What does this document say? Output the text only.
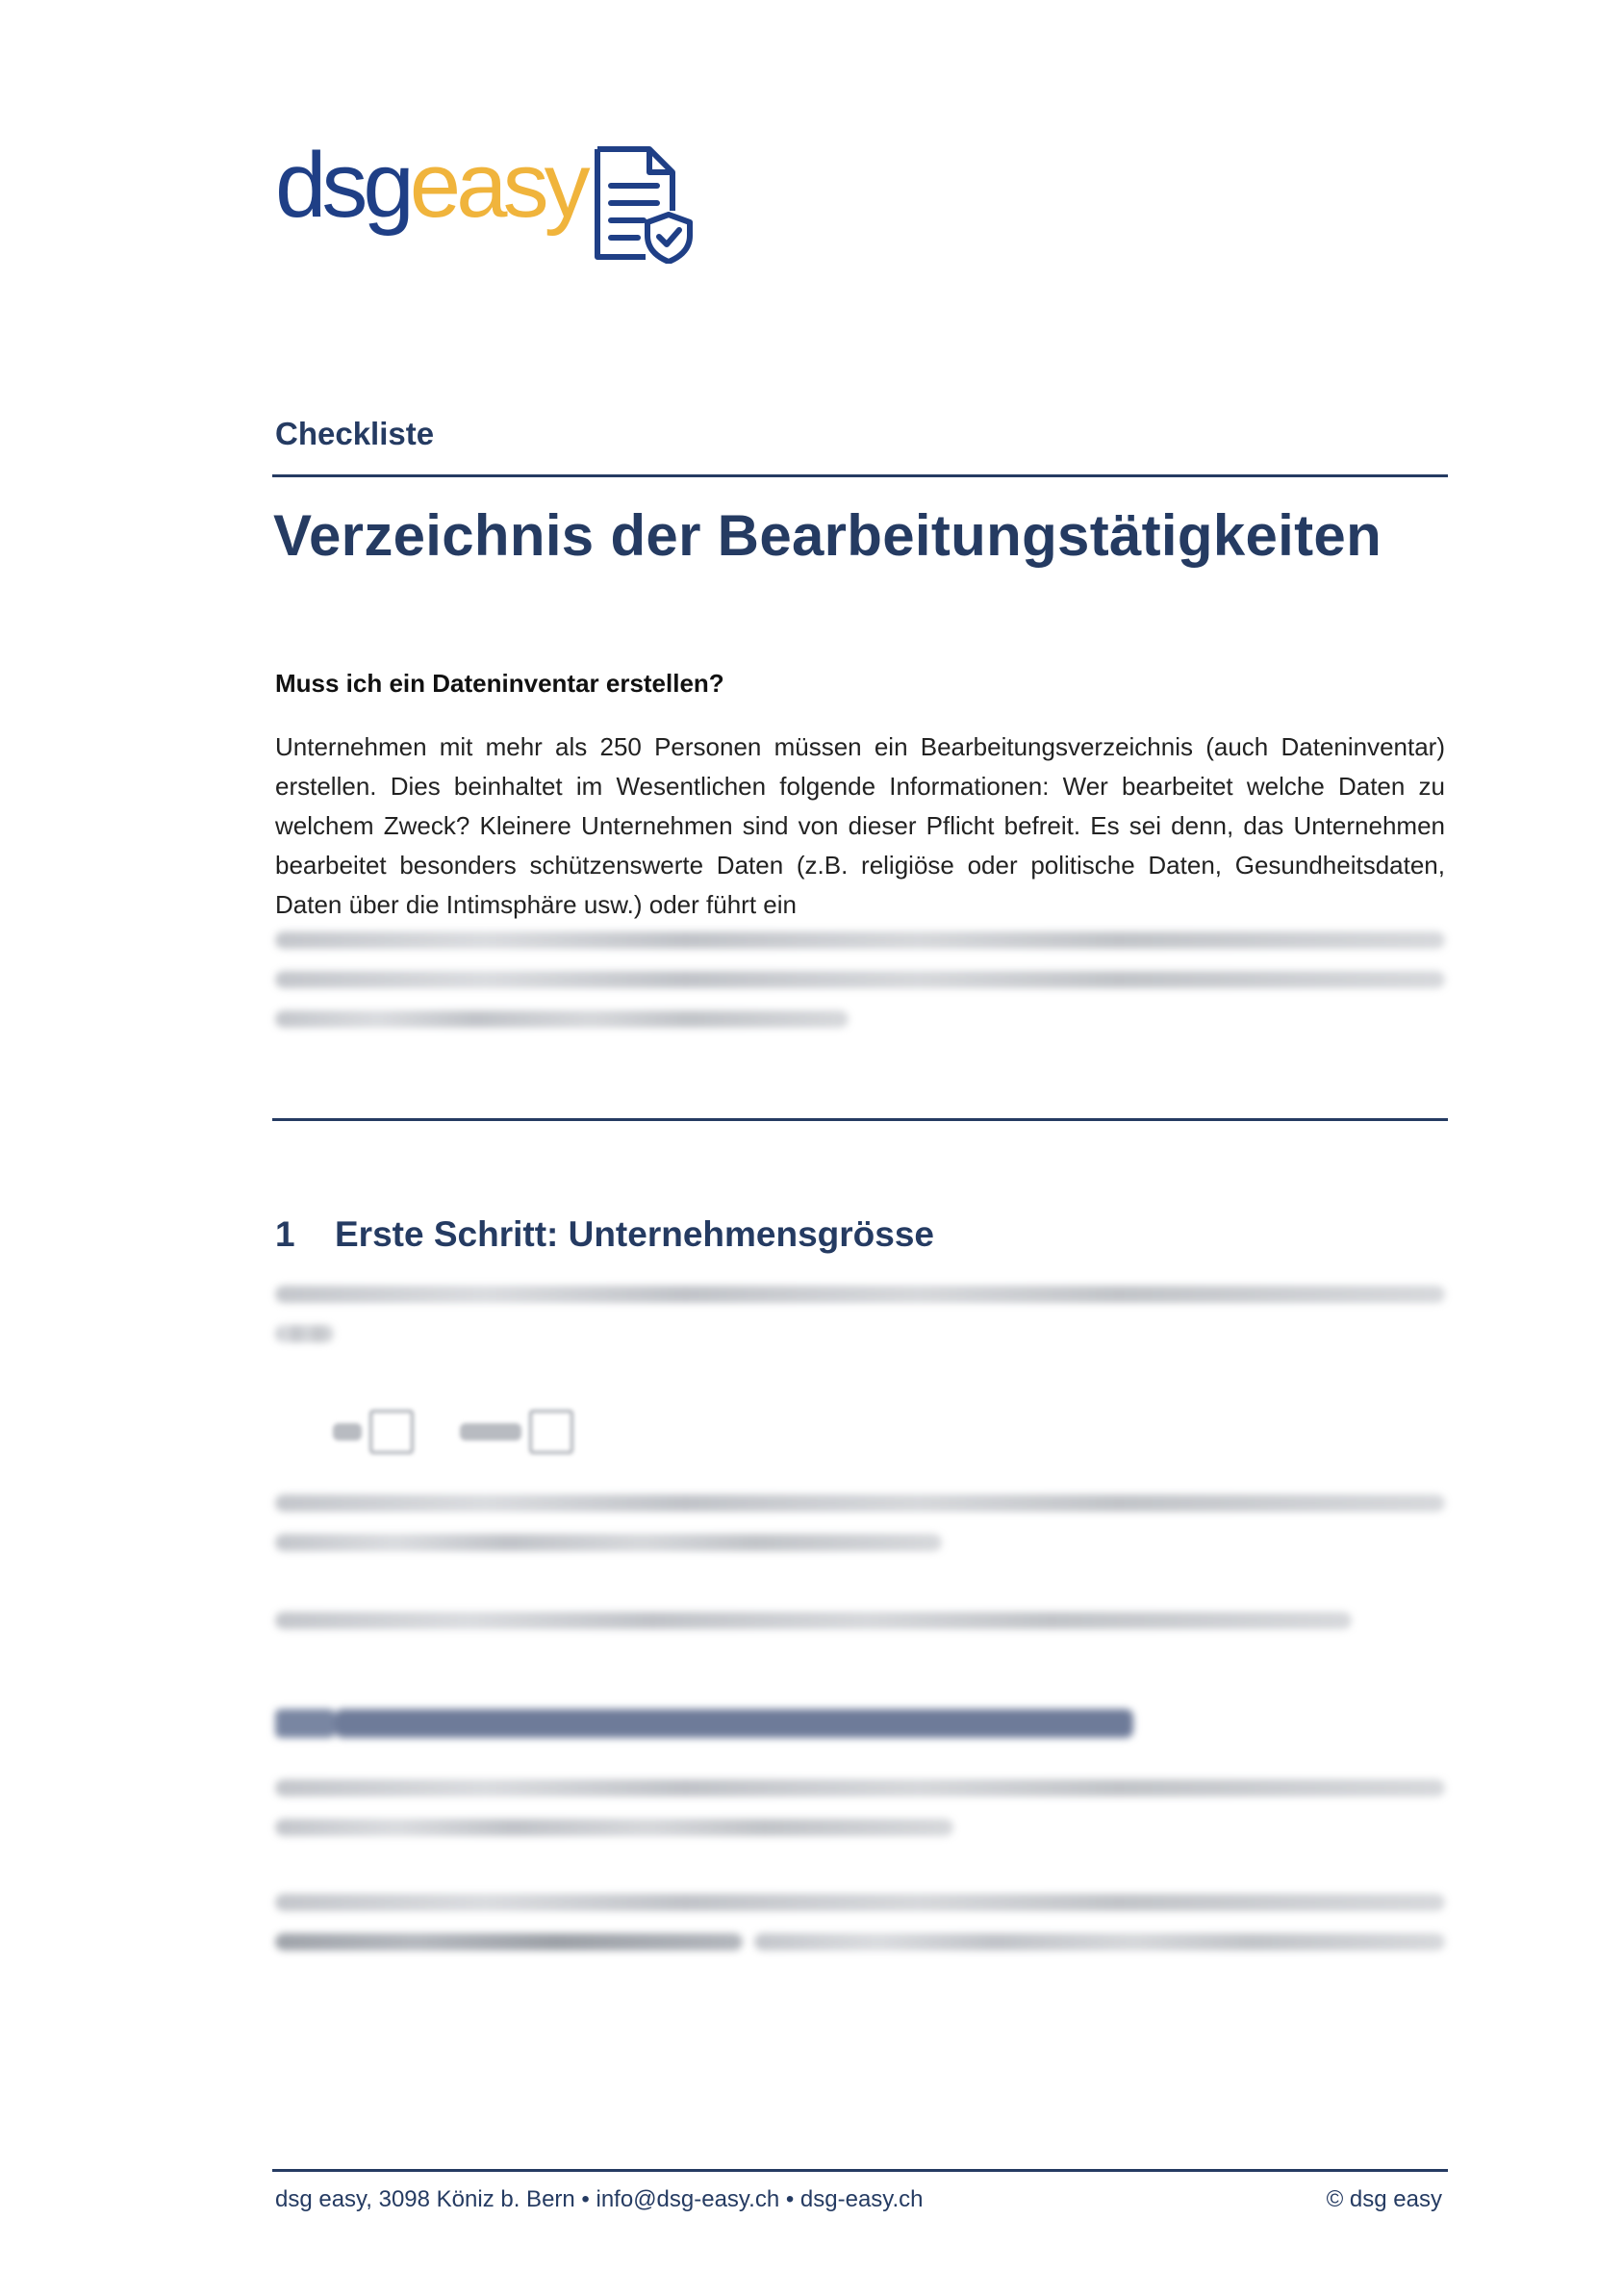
dsg easy
Checkliste
Verzeichnis der Bearbeitungstätigkeiten
Muss ich ein Dateninventar erstellen?

Unternehmen mit mehr als 250 Personen müssen ein Bearbeitungsverzeichnis (auch Dateninventar) erstellen. Dies beinhaltet im Wesentlichen folgende Informationen: Wer bearbeitet welche Daten zu welchem Zweck? Kleinere Unternehmen sind von dieser Pflicht befreit. Es sei denn, das Unternehmen bearbeitet besonders schützenswerte Daten (z.B. religiöse oder politische Daten, Gesundheitsdaten, Daten über die Intimsphäre usw.) oder führt ein

1	Erste Schritt: Unternehmensgrösse
dsg easy, 3098 Köniz b. Bern • info@dsg-easy.ch • dsg-easy.ch	© dsg easy
